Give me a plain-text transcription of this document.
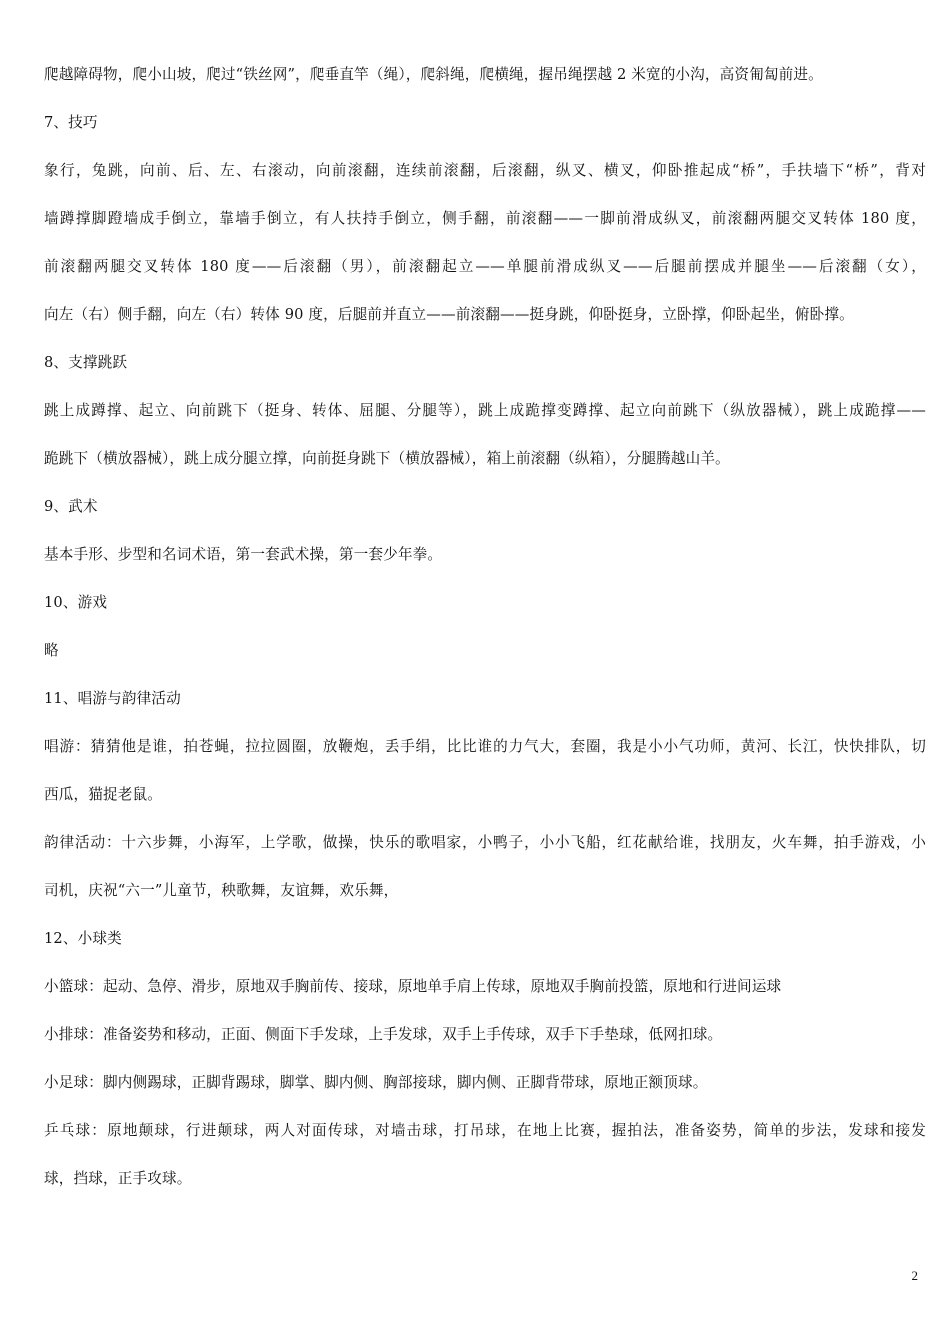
爬越障碍物，爬小山坡，爬过“铁丝网”，爬垂直竿（绳），爬斜绳，爬横绳，握吊绳摆越 2 米宽的小沟，高资匍匐前进。

7、技巧

象行，兔跳，向前、后、左、右滚动，向前滚翻，连续前滚翻，后滚翻，纵叉、横叉，仰卧推起成“桥”，手扶墙下“桥”，背对

墙蹲撑脚蹬墙成手倒立，靠墙手倒立，有人扶持手倒立，侧手翻，前滚翻——一脚前滑成纵叉，前滚翻两腿交叉转体 180 度，

前滚翻两腿交叉转体 180 度——后滚翻（男），前滚翻起立——单腿前滑成纵叉——后腿前摆成并腿坐——后滚翻（女），

向左（右）侧手翻，向左（右）转体 90 度，后腿前并直立——前滚翻——挺身跳，仰卧挺身，立卧撑，仰卧起坐，俯卧撑。

8、支撑跳跃

跳上成蹲撑、起立、向前跳下（挺身、转体、屈腿、分腿等），跳上成跪撑变蹲撑、起立向前跳下（纵放器械），跳上成跪撑——

跪跳下（横放器械），跳上成分腿立撑，向前挺身跳下（横放器械），箱上前滚翻（纵箱），分腿腾越山羊。

9、武术

基本手形、步型和名词术语，第一套武术操，第一套少年拳。

10、游戏

略

11、唱游与韵律活动

唱游：猜猜他是谁，拍苍蝇，拉拉圆圈，放鞭炮，丢手绢，比比谁的力气大，套圈，我是小小气功师，黄河、长江，快快排队，切

西瓜，猫捉老鼠。

韵律活动：十六步舞，小海军，上学歌，做操，快乐的歌唱家，小鸭子，小小飞船，红花献给谁，找朋友，火车舞，拍手游戏，小

司机，庆祝“六一”儿童节，秧歌舞，友谊舞，欢乐舞，

12、小球类

小篮球：起动、急停、滑步，原地双手胸前传、接球，原地单手肩上传球，原地双手胸前投篮，原地和行进间运球

小排球：准备姿势和移动，正面、侧面下手发球，上手发球，双手上手传球，双手下手垫球，低网扣球。

小足球：脚内侧踢球，正脚背踢球，脚掌、脚内侧、胸部接球，脚内侧、正脚背带球，原地正额顶球。

乒乓球：原地颠球，行进颠球，两人对面传球，对墙击球，打吊球，在地上比赛，握拍法，准备姿势，简单的步法，发球和接发

球，挡球，正手攻球。

2
